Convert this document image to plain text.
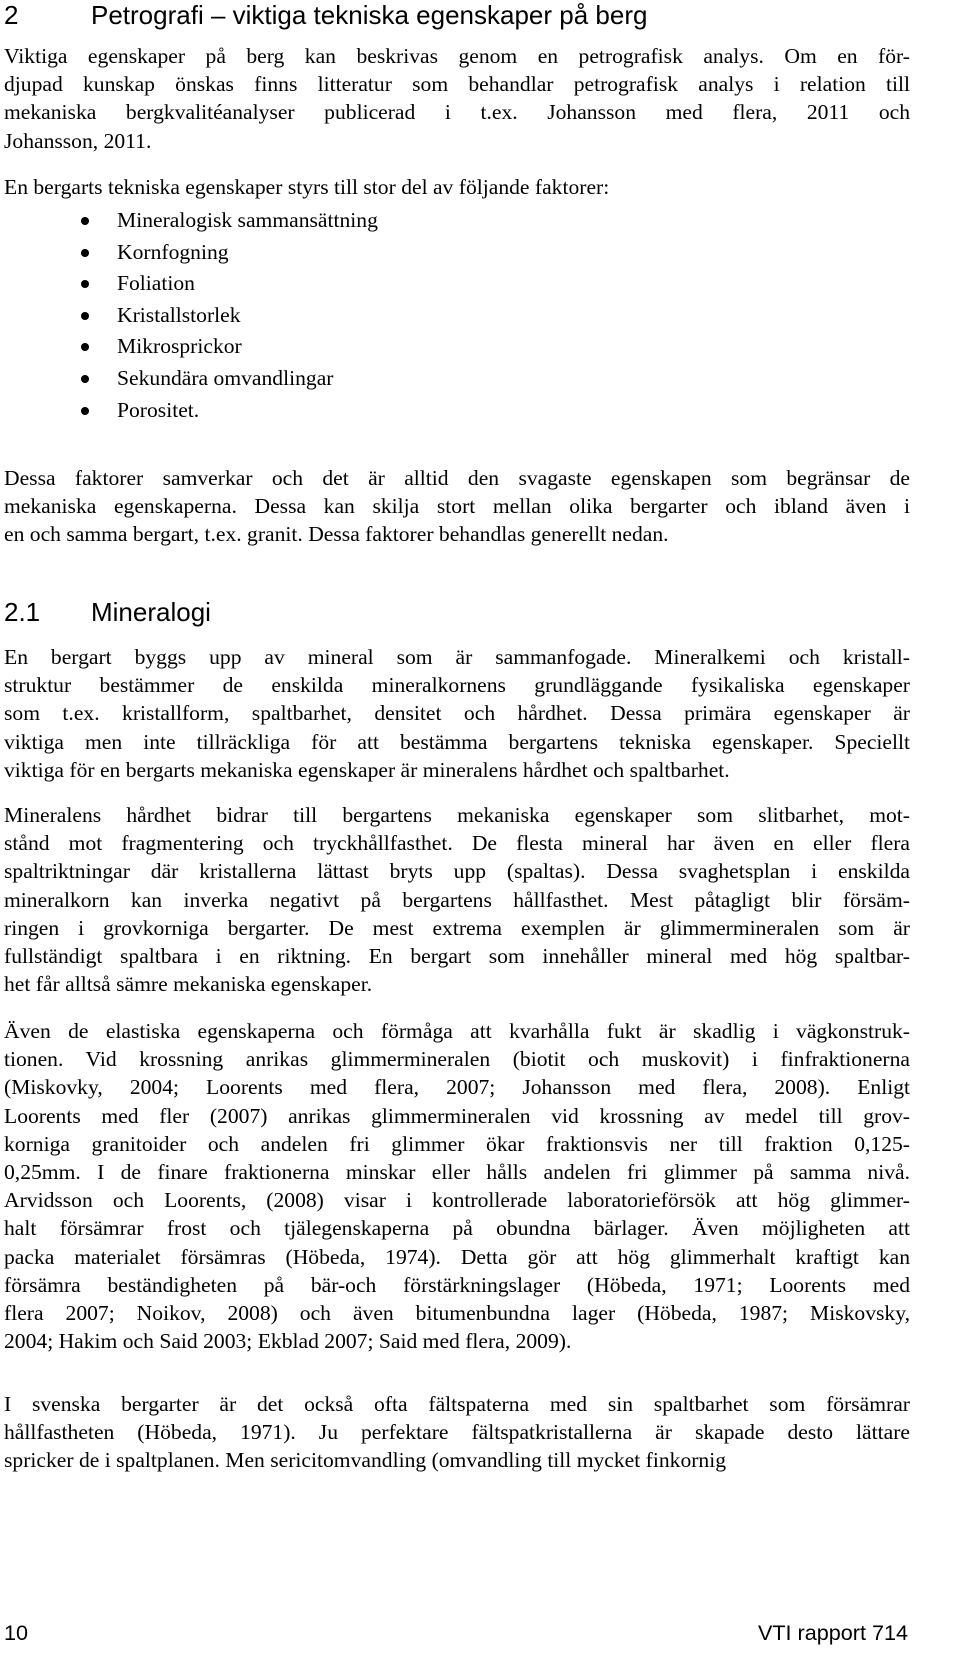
2	Petrografi – viktiga tekniska egenskaper på berg
Viktiga egenskaper på berg kan beskrivas genom en petrografisk analys. Om en för-
djupad kunskap önskas finns litteratur som behandlar petrografisk analys i relation till
mekaniska bergkvalitéanalyser publicerad i t.ex. Johansson med flera, 2011 och
Johansson, 2011.
En bergarts tekniska egenskaper styrs till stor del av följande faktorer:
Mineralogisk sammansättning
Kornfogning
Foliation
Kristallstorlek
Mikrosprickor
Sekundära omvandlingar
Porositet.
Dessa faktorer samverkar och det är alltid den svagaste egenskapen som begränsar de
mekaniska egenskaperna. Dessa kan skilja stort mellan olika bergarter och ibland även i
en och samma bergart, t.ex. granit. Dessa faktorer behandlas generellt nedan.
2.1 Mineralogi
En bergart byggs upp av mineral som är sammanfogade. Mineralkemi och kristall-
struktur bestämmer de enskilda mineralkornens grundläggande fysikaliska egenskaper
som t.ex. kristallform, spaltbarhet, densitet och hårdhet. Dessa primära egenskaper är
viktiga men inte tillräckliga för att bestämma bergartens tekniska egenskaper. Speciellt
viktiga för en bergarts mekaniska egenskaper är mineralens hårdhet och spaltbarhet.
Mineralens hårdhet bidrar till bergartens mekaniska egenskaper som slitbarhet, mot-
stånd mot fragmentering och tryckhållfasthet. De flesta mineral har även en eller flera
spaltriktningar där kristallerna lättast bryts upp (spaltas). Dessa svaghetsplan i enskilda
mineralkorn kan inverka negativt på bergartens hållfasthet. Mest påtagligt blir försäm-
ringen i grovkorniga bergarter. De mest extrema exemplen är glimmermineralen som är
fullständigt spaltbara i en riktning. En bergart som innehåller mineral med hög spaltbar-
het får alltså sämre mekaniska egenskaper.
Även de elastiska egenskaperna och förmåga att kvarhålla fukt är skadlig i vägkonstruk-
tionen. Vid krossning anrikas glimmermineralen (biotit och muskovit) i finfraktionerna
(Miskovky, 2004; Loorents med flera, 2007; Johansson med flera, 2008). Enligt
Loorents med fler (2007) anrikas glimmermineralen vid krossning av medel till grov-
korniga granitoider och andelen fri glimmer ökar fraktionsvis ner till fraktion 0,125-
0,25mm. I de finare fraktionerna minskar eller hålls andelen fri glimmer på samma nivå.
Arvidsson och Loorents, (2008) visar i kontrollerade laboratorieförsök att hög glimmer-
halt försämrar frost och tjälegenskaperna på obundna bärlager. Även möjligheten att
packa materialet försämras (Höbeda, 1974). Detta gör att hög glimmerhalt kraftigt kan
försämra beständigheten på bär-och förstärkningslager (Höbeda, 1971; Loorents med
flera 2007; Noikov, 2008) och även bitumenbundna lager (Höbeda, 1987; Miskovsky,
2004; Hakim och Said 2003; Ekblad 2007; Said med flera, 2009).
I svenska bergarter är det också ofta fältspaterna med sin spaltbarhet som försämrar
hållfastheten (Höbeda, 1971). Ju perfektare fältspatkristallerna är skapade desto lättare
spricker de i spaltplanen. Men sericitomvandling (omvandling till mycket finkornig
10	VTI rapport 714
